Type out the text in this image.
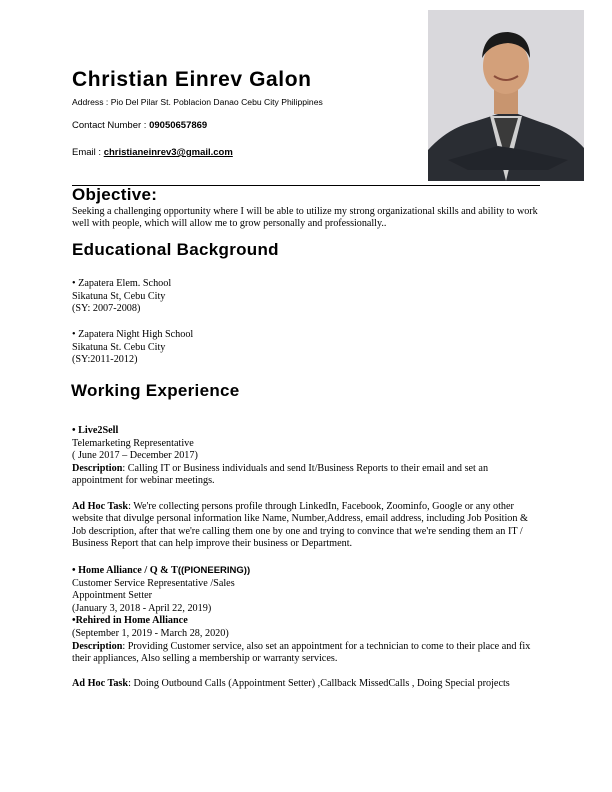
Christian Einrev Galon
Address : Pio Del Pilar St. Poblacion Danao Cebu City Philippines
Contact Number : 09050657869
Email : christianeinrev3@gmail.com
Objective:
Seeking a challenging opportunity where I will be able to utilize my strong organizational skills and ability to work well with people, which will allow me to grow personally and professionally..
Educational Background
• Zapatera Elem. School
Sikatuna St, Cebu City
(SY: 2007-2008)
• Zapatera Night High School
Sikatuna St. Cebu City
(SY:2011-2012)
Working Experience
• Live2Sell
Telemarketing Representative
( June 2017 – December 2017)
Description: Calling IT or Business individuals and send It/Business Reports to their email and set an appointment for webinar meetings.
Ad Hoc Task: We're collecting persons profile through LinkedIn, Facebook, Zoominfo, Google or any other website that divulge personal information like Name, Number,Address, email address, including Job Position & Job description, after that we're calling them one by one and trying to convince that we're sending them an IT / Business Report that can help improve their business or Department.
• Home Alliance / Q & T((PIONEERING))
Customer Service Representative /Sales
Appointment Setter
(January 3, 2018 - April 22, 2019)
•Rehired in Home Alliance
(September 1, 2019 - March 28, 2020)
Description: Providing Customer service, also set an appointment for a technician to come to their place and fix their appliances, Also selling a membership or warranty services.
Ad Hoc Task: Doing Outbound Calls (Appointment Setter) ,Callback MissedCalls , Doing Special projects
